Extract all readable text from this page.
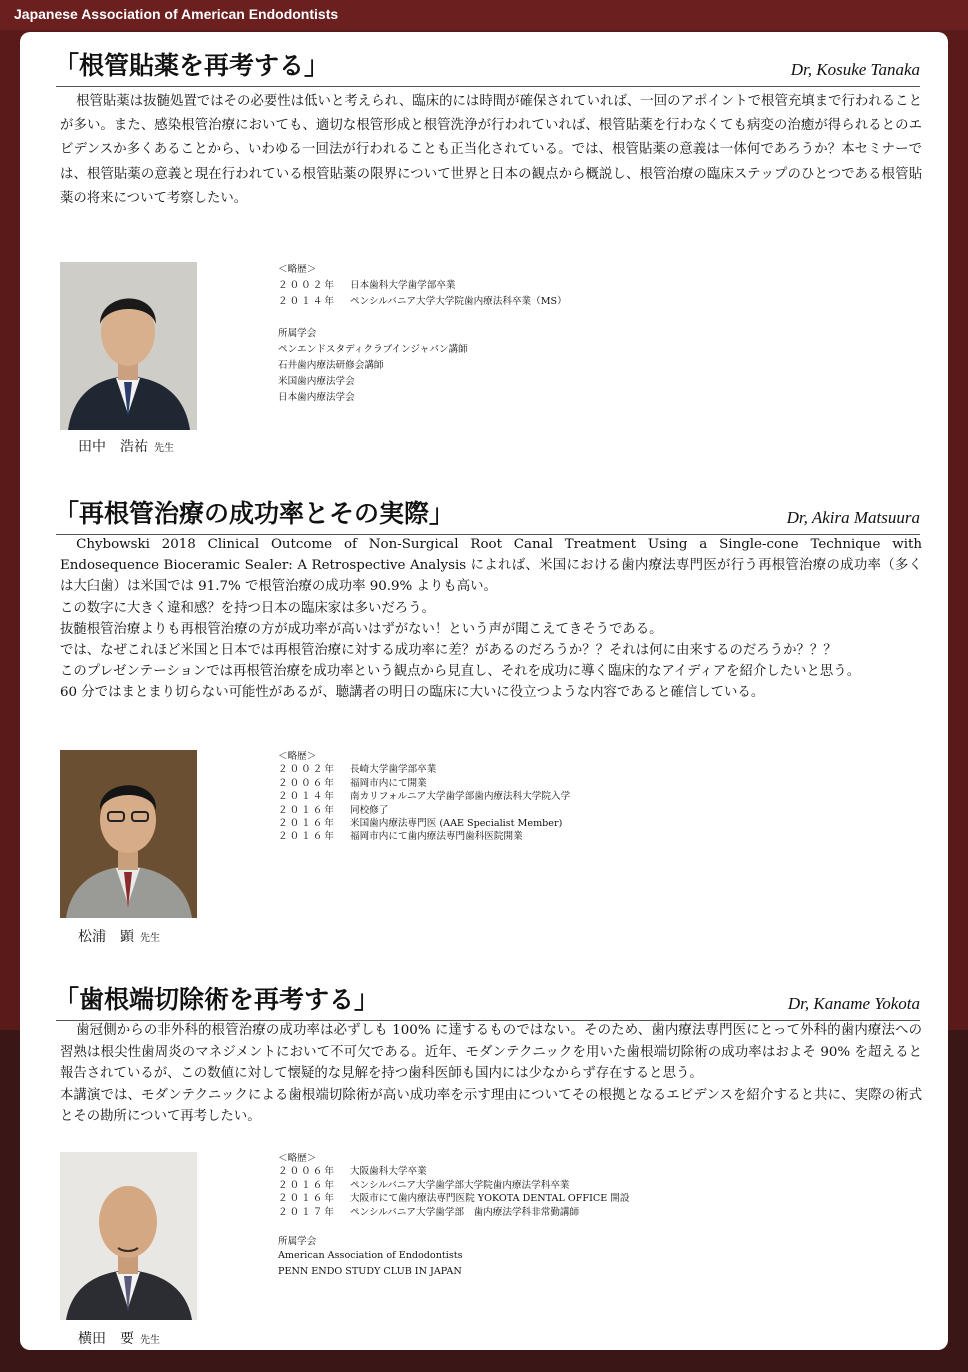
Japanese Association of American Endodontists
「根管貼薬を再考する」	Dr, Kosuke Tanaka

根管貼薬は抜髄処置ではその必要性は低いと考えられ、臨床的には時間が確保されていれば、一回のアポイントで根管充填まで行われることが多い。また、感染根管治療においても、適切な根管形成と根管洗浄が行われていれば、根管貼薬を行わなくても病変の治癒が得られるとのエビデンスか多くあることから、いわゆる一回法が行われることも正当化されている。では、根管貼薬の意義は一体何であろうか？本セミナーでは、根管貼薬の意義と現在行われている根管貼薬の限界について世界と日本の観点から概説し、根管治療の臨床ステップのひとつである根管貼薬の将来について考察したい。

田中　浩祐 先生
＜略歴＞
２００２年 日本歯科大学歯学部卒業
２０１４年 ペンシルバニア大学大学院歯内療法科卒業（MS）
所属学会
ペンエンドスタディクラブインジャパン講師
石井歯内療法研修会講師
米国歯内療法学会
日本歯内療法学会
「再根管治療の成功率とその実際」	Dr, Akira Matsuura

Chybowski 2018 Clinical Outcome of Non-Surgical Root Canal Treatment Using a Single-cone Technique with Endosequence Bioceramic Sealer: A Retrospective Analysis によれば、米国における歯内療法専門医が行う再根管治療の成功率（多くは大臼歯）は米国では 91.7% で根管治療の成功率 90.9% よりも高い。

この数字に大きく違和感？を持つ日本の臨床家は多いだろう。

抜髄根管治療よりも再根管治療の方が成功率が高いはずがない！という声が聞こえてきそうである。

では、なぜこれほど米国と日本では再根管治療に対する成功率に差？があるのだろうか？？それは何に由来するのだろうか？？？

このプレゼンテーションでは再根管治療を成功率という観点から見直し、それを成功に導く臨床的なアイディアを紹介したいと思う。

60 分ではまとまり切らない可能性があるが、聴講者の明日の臨床に大いに役立つような内容であると確信している。

松浦　顕 先生
＜略歴＞
２００２年 長崎大学歯学部卒業
２００６年 福岡市内にて開業
２０１４年 南カリフォルニア大学歯学部歯内療法科大学院入学
２０１６年 同校修了
２０１６年 米国歯内療法専門医 (AAE Specialist Member)
２０１６年 福岡市内にて歯内療法専門歯科医院開業
「歯根端切除術を再考する」	Dr, Kaname Yokota

歯冠側からの非外科的根管治療の成功率は必ずしも 100% に達するものではない。そのため、歯内療法専門医にとって外科的歯内療法への習熟は根尖性歯周炎のマネジメントにおいて不可欠である。近年、モダンテクニックを用いた歯根端切除術の成功率はおよそ 90% を超えると報告されているが、この数値に対して懐疑的な見解を持つ歯科医師も国内には少なからず存在すると思う。

本講演では、モダンテクニックによる歯根端切除術が高い成功率を示す理由についてその根拠となるエビデンスを紹介すると共に、実際の術式とその勘所について再考したい。

横田　要 先生
＜略歴＞
２００６年 大阪歯科大学卒業
２０１６年 ペンシルバニア大学歯学部大学院歯内療法学科卒業
２０１６年 大阪市にて歯内療法専門医院 YOKOTA DENTAL OFFICE 開設
２０１７年 ペンシルバニア大学歯学部　歯内療法学科非常勤講師
所属学会
American Association of Endodontists
PENN ENDO STUDY CLUB IN JAPAN
